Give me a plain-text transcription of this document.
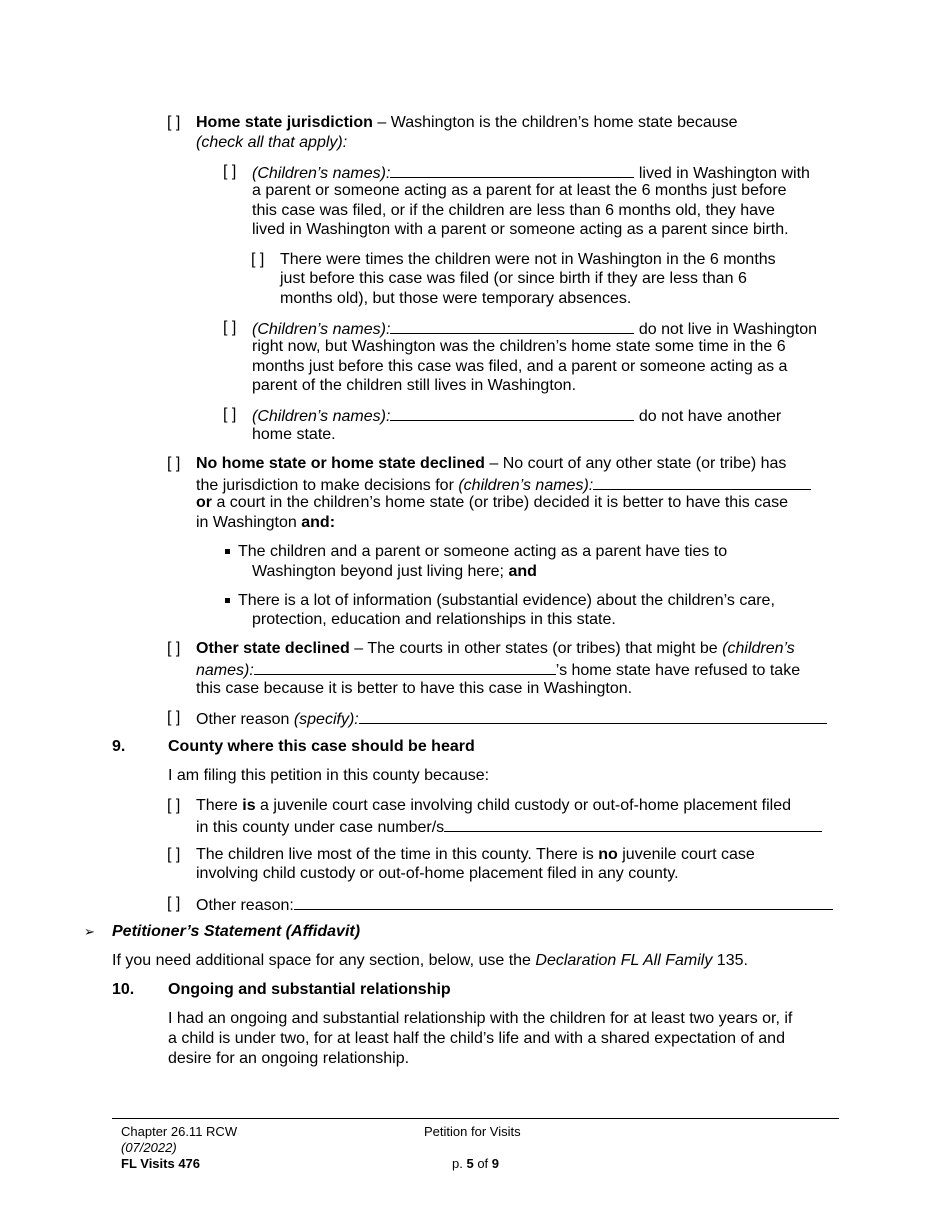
[ ] Home state jurisdiction – Washington is the children’s home state because
(check all that apply):
[ ] (Children’s names):	lived in Washington with
a parent or someone acting as a parent for at least the 6 months just before
this case was filed, or if the children are less than 6 months old, they have
lived in Washington with a parent or someone acting as a parent since birth.
[ ] There were times the children were not in Washington in the 6 months
just before this case was filed (or since birth if they are less than 6
months old), but those were temporary absences.
[ ] (Children’s names):	do not live in Washington
right now, but Washington was the children’s home state some time in the 6
months just before this case was filed, and a parent or someone acting as a
parent of the children still lives in Washington.
[ ] (Children’s names):	do not have another
home state.
[ ] No home state or home state declined – No court of any other state (or tribe) has
the jurisdiction to make decisions for (children’s names):
or a court in the children’s home state (or tribe) decided it is better to have this case
in Washington and:
The children and a parent or someone acting as a parent have ties to
Washington beyond just living here; and
There is a lot of information (substantial evidence) about the children’s care,
protection, education and relationships in this state.
[ ] Other state declined – The courts in other states (or tribes) that might be (children’s
names):	’s home state have refused to take
this case because it is better to have this case in Washington.
[ ] Other reason (specify):
9.	County where this case should be heard
I am filing this petition in this county because:
[ ] There is a juvenile court case involving child custody or out-of-home placement filed
in this county under case number/s
[ ] The children live most of the time in this county. There is no juvenile court case
involving child custody or out-of-home placement filed in any county.
[ ] Other reason:
➢ Petitioner’s Statement (Affidavit)
If you need additional space for any section, below, use the Declaration FL All Family 135.
10. Ongoing and substantial relationship
I had an ongoing and substantial relationship with the children for at least two years or, if
a child is under two, for at least half the child’s life and with a shared expectation of and
desire for an ongoing relationship.
Chapter 26.11 RCW
(07/2022)
FL Visits 476
Petition for Visits
p. 5 of 9
